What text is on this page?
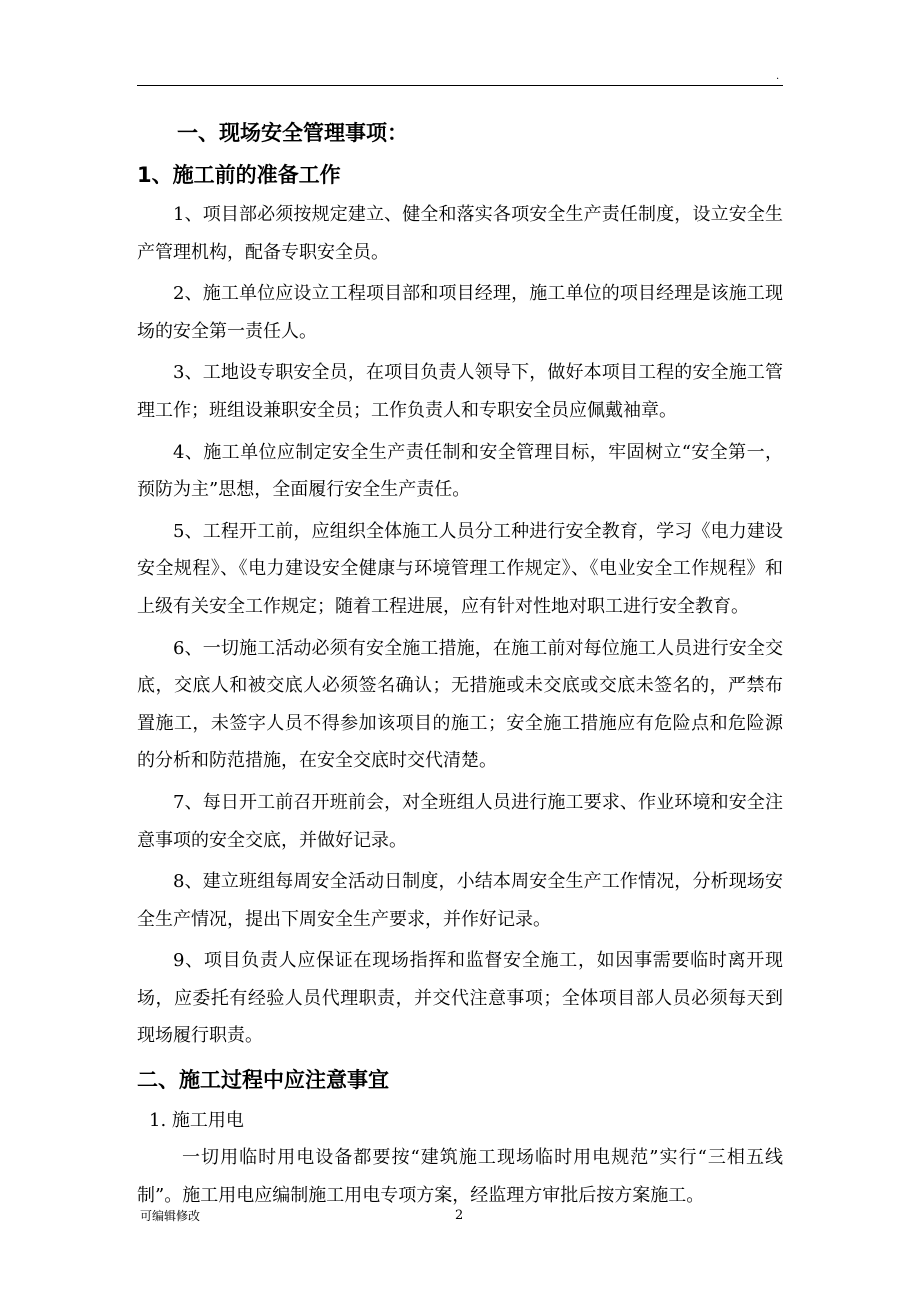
.
一、现场安全管理事项：
1、施工前的准备工作

1、项目部必须按规定建立、健全和落实各项安全生产责任制度，设立安全生产管理机构，配备专职安全员。

2、施工单位应设立工程项目部和项目经理，施工单位的项目经理是该施工现场的安全第一责任人。

3、工地设专职安全员，在项目负责人领导下，做好本项目工程的安全施工管理工作；班组设兼职安全员；工作负责人和专职安全员应佩戴袖章。

4、施工单位应制定安全生产责任制和安全管理目标，牢固树立“安全第一，预防为主”思想，全面履行安全生产责任。

5、工程开工前，应组织全体施工人员分工种进行安全教育，学习《电力建设安全规程》、《电力建设安全健康与环境管理工作规定》、《电业安全工作规程》和上级有关安全工作规定；随着工程进展，应有针对性地对职工进行安全教育。

6、一切施工活动必须有安全施工措施，在施工前对每位施工人员进行安全交底，交底人和被交底人必须签名确认；无措施或未交底或交底未签名的，严禁布置施工，未签字人员不得参加该项目的施工；安全施工措施应有危险点和危险源的分析和防范措施，在安全交底时交代清楚。

7、每日开工前召开班前会，对全班组人员进行施工要求、作业环境和安全注意事项的安全交底，并做好记录。

8、建立班组每周安全活动日制度，小结本周安全生产工作情况，分析现场安全生产情况，提出下周安全生产要求，并作好记录。

9、项目负责人应保证在现场指挥和监督安全施工，如因事需要临时离开现场，应委托有经验人员代理职责，并交代注意事项；全体项目部人员必须每天到现场履行职责。

二、施工过程中应注意事宜
1. 施工用电

一切用临时用电设备都要按“建筑施工现场临时用电规范”实行“三相五线制”。施工用电应编制施工用电专项方案，经监理方审批后按方案施工。

可编辑修改	2
